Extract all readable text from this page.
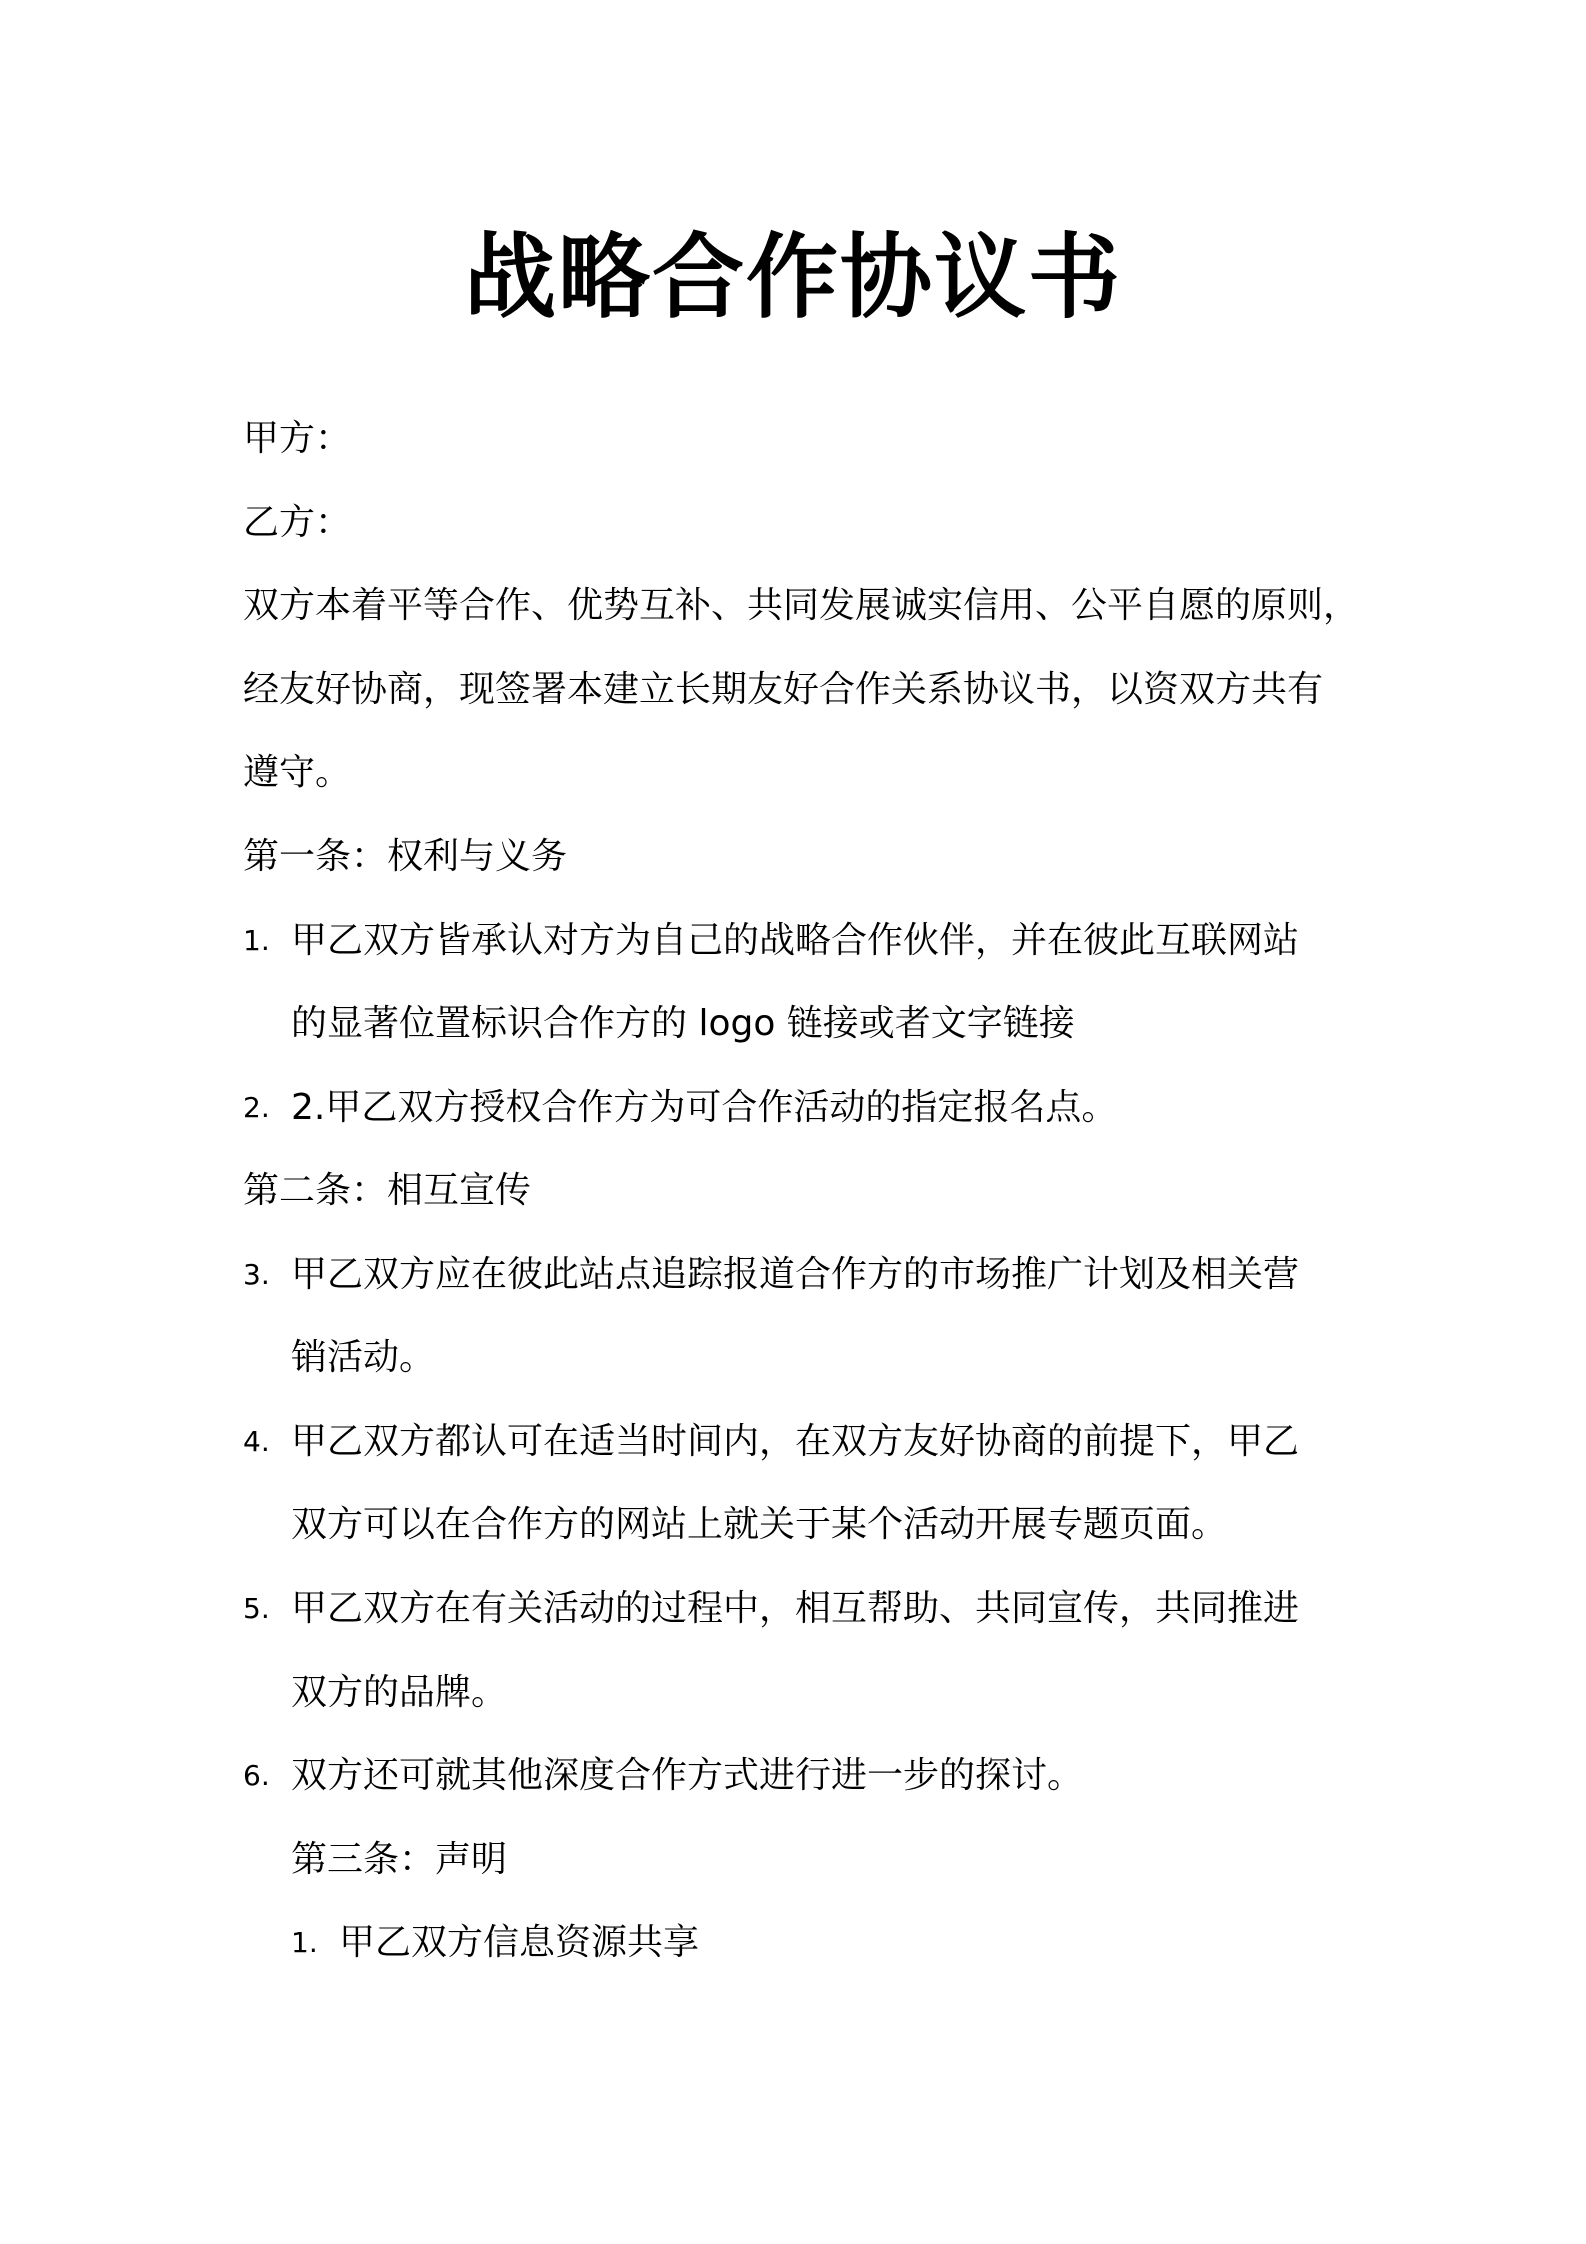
战略合作协议书
甲方：
乙方：
双方本着平等合作、优势互补、共同发展诚实信用、公平自愿的原则，
经友好协商，现签署本建立长期友好合作关系协议书，以资双方共有
遵守。
第一条：权利与义务
1. 甲乙双方皆承认对方为自己的战略合作伙伴，并在彼此互联网站
的显著位置标识合作方的 logo 链接或者文字链接
2. 2.甲乙双方授权合作方为可合作活动的指定报名点。
第二条：相互宣传
3. 甲乙双方应在彼此站点追踪报道合作方的市场推广计划及相关营
销活动。
4. 甲乙双方都认可在适当时间内，在双方友好协商的前提下，甲乙
双方可以在合作方的网站上就关于某个活动开展专题页面。
5. 甲乙双方在有关活动的过程中，相互帮助、共同宣传，共同推进
双方的品牌。
6. 双方还可就其他深度合作方式进行进一步的探讨。
第三条：声明
1. 甲乙双方信息资源共享
